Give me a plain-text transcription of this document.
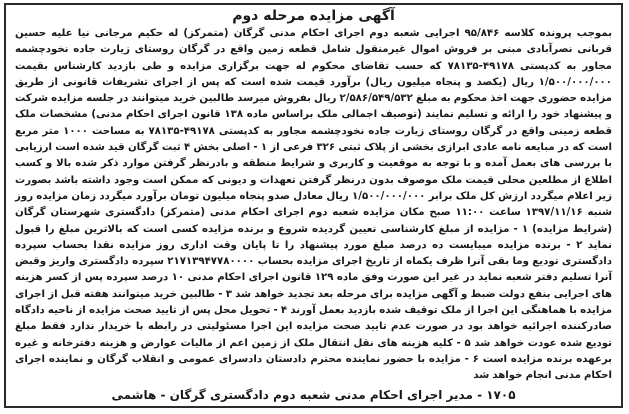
آگهی مزایده مرحله دوم

بموجب پرونده کلاسه ۹۵/۸۴۶ اجرایی شعبه دوم اجرای احکام مدنی گرگان (متمرکز) له حکیم مرجانی نیا علیه حسین قربانی نصرآبادی مبنی بر فروش اموال غیرمنقول شامل قطعه زمین واقع در گرگان روستای زیارت جاده نخودچشمه مجاور به کدپستی ۴۹۱۷۸-۷۸۱۳۵ که حسب تقاضای محکوم له جهت برگزاری مزایده و طی بازدید کارشناس بقیمت ۱/۵۰۰/۰۰۰/۰۰۰ ریال (یکصد و پنجاه میلیون ریال) برآورد قیمت شده است که پس از اجرای تشریفات قانونی از طریق مزایده حضوری جهت اخذ محکوم به مبلغ ۲/۵۸۶/۵۴۹/۵۳۲ ریال بفروش میرسد طالبین خرید میتوانند در جلسه مزایده شرکت و پیشنهاد خود را ارائه و تسلیم نمایند (توصیف اجمالی ملک براساس ماده ۱۳۸ قانون اجرای احکام مدنی) مشخصات ملک قطعه زمینی واقع در گرگان روستای زیارت جاده نخودچشمه مجاور به کدپستی ۴۹۱۷۸-۷۸۱۳۵ به مساحت ۱۰۰۰ متر مربع است که در مبایعه نامه عادی ابرازی بخشی از پلاک ثبتی ۳۲۶ فرعی از ۱ - اصلی بخش ۴ ثبت گرگان قید شده است ارزیابی با بررسی های بعمل آمده و با توجه به موقعیت و کاربری و شرایط منطقه و بادرنظر گرفتن موارد ذکر شده بالا و کسب اطلاع از مطلعین محلی قیمت ملک موصوف بدون درنظر گرفتن تعهدات و دیونی که ممکن است وجود داشته باشد بصورت زیر اعلام میگردد ارزش کل ملک برابر ۱/۵۰۰/۰۰۰/۰۰۰ ریال معادل صدو پنجاه میلیون تومان برآورد میگردد زمان مزایده روز شنبه ۱۳۹۷/۱۱/۱۶ ساعت ۱۱:۰۰ صبح مکان مزایده شعبه دوم اجرای احکام مدنی (متمرکز) دادگستری شهرستان گرگان (شرایط مزایده) ۱ - مزایده از مبلغ کارشناسی تعیین گردیده شروع و برنده مزایده کسی است که بالاترین مبلغ را قبول نماید ۲ - برنده مزایده میبایست ده درصد مبلغ مورد پیشنهاد را تا پایان وقت اداری روز مزایده نقدا بحساب سپرده دادگستری تودیع وما بقی آنرا ظرف یکماه از تاریخ اجرای مزایده بحساب ۲۱۷۱۳۹۴۷۷۸۰۰۰۰ سپرده دادگستری واریز وقبض آنرا تسلیم دفتر شعبه نماید در غیر این صورت وفق ماده ۱۲۹ قانون اجرای احکام مدنی ۱۰ درصد سپرده پس از کسر هزینه های اجرایی بنفع دولت ضبط و آگهی مزایده برای مرحله بعد تجدید خواهد شد ۳ - طالبین خرید میتوانند هفته قبل از اجرای مزایده با هماهنگی این اجرا از ملک توقیف شده بازدید بعمل آورند ۴ - تحویل محل پس از تایید صحت مزایده از ناحیه دادگاه صادرکننده اجرائیه خواهد بود در صورت عدم تایید صحت مزایده این اجرا مسئولیتی در رابطه با خریدار ندارد فقط مبلغ تودیع شده عودت خواهد شد ۵ - کلیه هزینه های نقل انتقال ملک از زمین اعم از مالیات عوارض و هزینه دفترخانه و غیره برعهده برنده مزایده است ۶ - مزایده با حضور نماینده محترم دادستان دادسرای عمومی و انقلاب گرگان و نماینده اجرای احکام مدنی انجام خواهد شد

۱۷۰۵ - مدیر اجرای احکام مدنی شعبه دوم دادگستری گرگان - هاشمی
